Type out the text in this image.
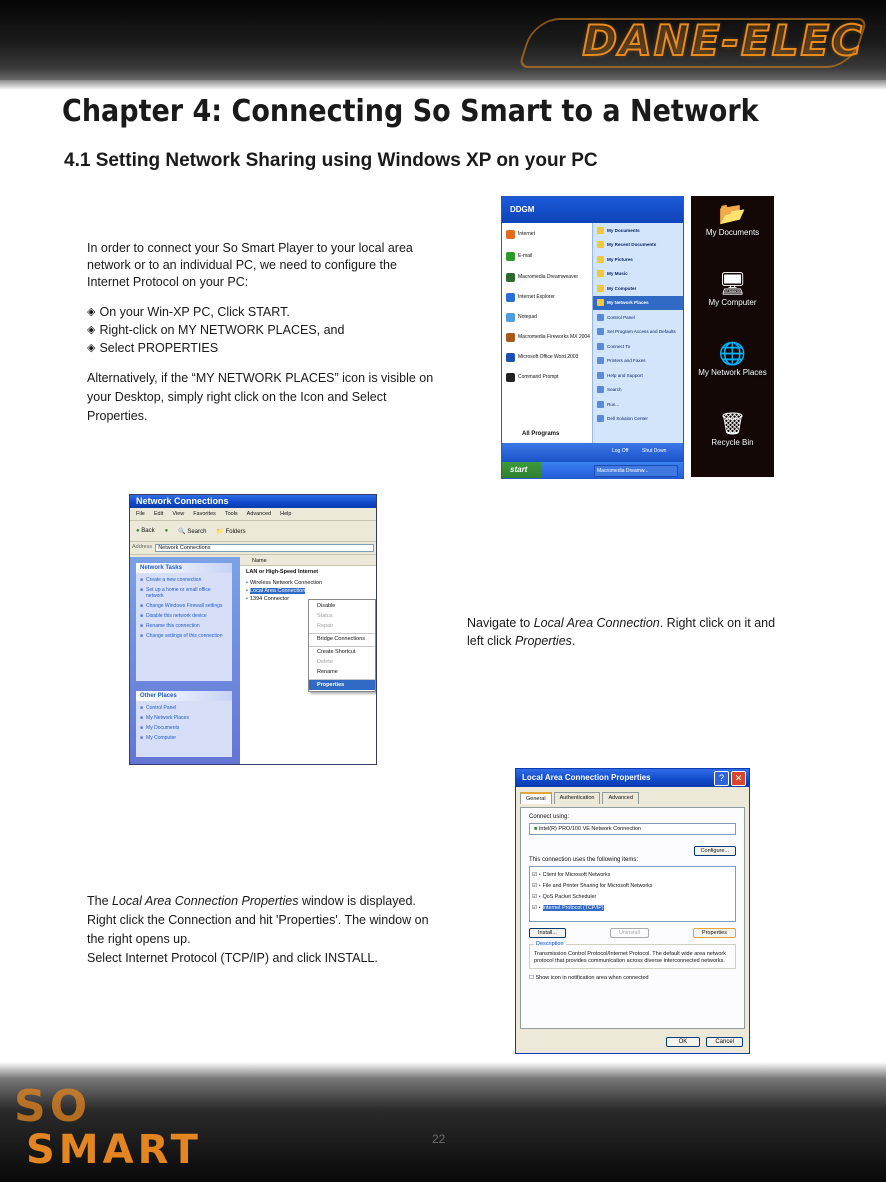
DANE-ELEC
Chapter 4: Connecting So Smart to a Network
4.1 Setting Network Sharing using Windows XP on your PC
In order to connect your So Smart Player to your local area network or to an individual PC, we need to configure the Internet Protocol on your PC:
◈ On your Win-XP PC, Click START.
◈ Right-click on MY NETWORK PLACES, and
◈ Select PROPERTIES
Alternatively, if the “MY NETWORK PLACES” icon is visible on your Desktop, simply right click on the Icon and Select Properties.
DDGM
Internet
E-mail
Macromedia Dreamweaver
Internet Explorer
Notepad
Macromedia Fireworks MX 2004
Microsoft Office Word 2003
Command Prompt
My Documents
My Recent Documents
My Pictures
My Music
My Computer
My Network Places
Control Panel
Set Program Access and Defaults
Connect To
Printers and Faxes
Help and Support
Search
Run...
Dell Solution Center
All Programs
Log Off	Shut Down
start	Macromedia Dreamw...
📂
My Documents
🖥
My Computer
🌐
My Network Places
🗑
Recycle Bin
Network Connections
File Edit View Favorites Tools Advanced Help
● Back ● 🔍 Search 📁 Folders
Address	Network Connections
Network Tasks
■ Create a new connection
■ Set up a home or small office network
■ Change Windows Firewall settings
■ Disable this network device
■ Rename this connection
■ Change settings of this connection
Other Places
■ Control Panel
■ My Network Places
■ My Documents
■ My Computer
Name
LAN or High-Speed Internet
▪ Wireless Network Connection
▪ Local Area Connection
▪ 1394 Connector
Disable
Status
Repair
Bridge Connections
Create Shortcut
Delete
Rename
Properties
Navigate to Local Area Connection. Right click on it and left click Properties.
Local Area Connection Properties	?	✕
General	Authentication	Advanced
Connect using:
■ Intel(R) PRO/100 VE Network Connection
Configure...
This connection uses the following items:
☑ ▪ Client for Microsoft Networks
☑ ▪ File and Printer Sharing for Microsoft Networks
☑ ▪ QoS Packet Scheduler
☑ ▪ Internet Protocol (TCP/IP)
Install...	Uninstall	Properties
Description
Transmission Control Protocol/Internet Protocol. The default wide area network protocol that provides communication across diverse interconnected networks.
☐ Show icon in notification area when connected
OK	Cancel
The Local Area Connection Properties window is displayed. Right click the Connection and hit 'Properties'. The window on the right opens up.
Select Internet Protocol (TCP/IP) and click INSTALL.
SO
SMART	22
